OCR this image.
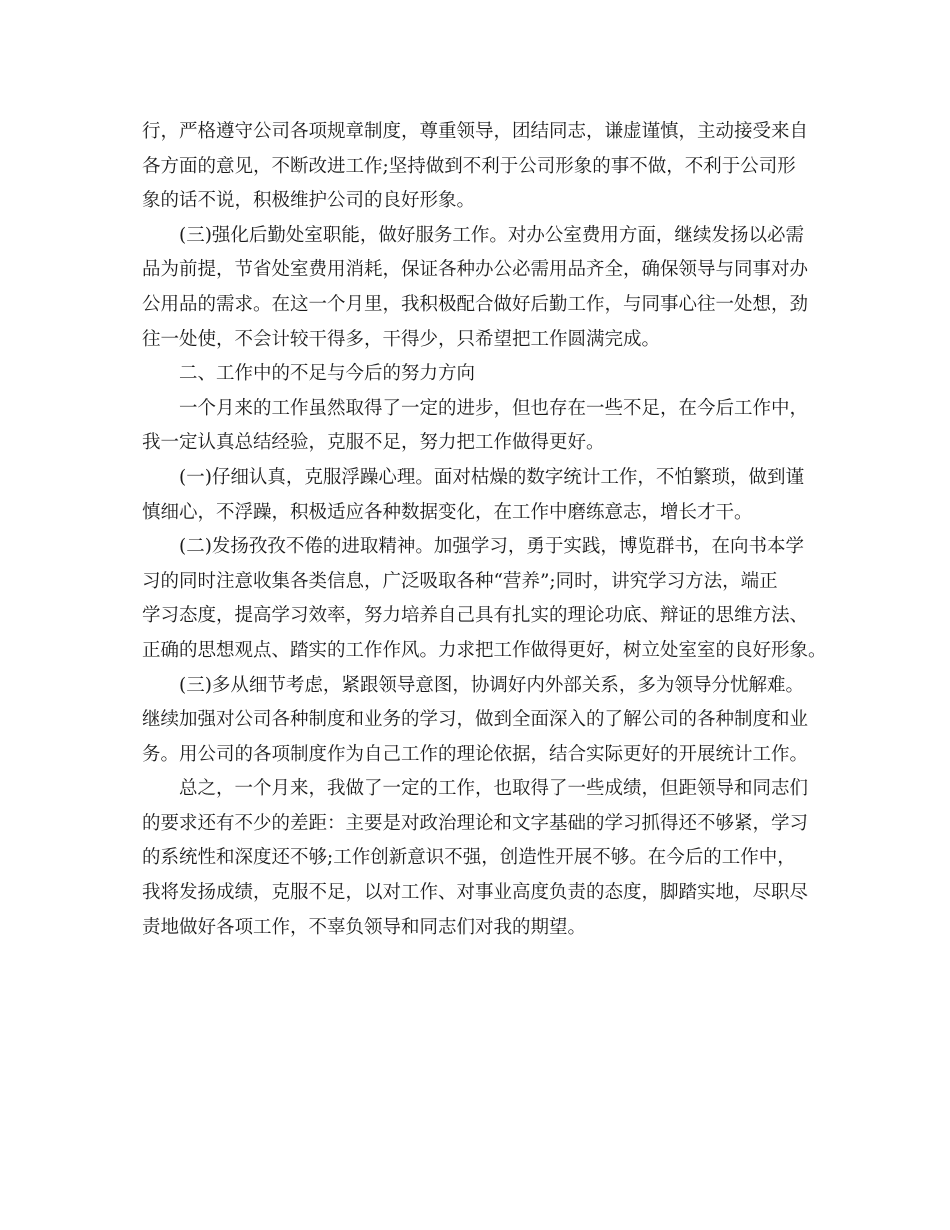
行，严格遵守公司各项规章制度，尊重领导，团结同志，谦虚谨慎，主动接受来自
各方面的意见，不断改进工作;坚持做到不利于公司形象的事不做，不利于公司形
象的话不说，积极维护公司的良好形象。
(三)强化后勤处室职能，做好服务工作。对办公室费用方面，继续发扬以必需
品为前提，节省处室费用消耗，保证各种办公必需用品齐全，确保领导与同事对办
公用品的需求。在这一个月里，我积极配合做好后勤工作，与同事心往一处想，劲
往一处使，不会计较干得多，干得少，只希望把工作圆满完成。
二、工作中的不足与今后的努力方向
一个月来的工作虽然取得了一定的进步，但也存在一些不足，在今后工作中，
我一定认真总结经验，克服不足，努力把工作做得更好。
(一)仔细认真，克服浮躁心理。面对枯燥的数字统计工作，不怕繁琐，做到谨
慎细心，不浮躁，积极适应各种数据变化，在工作中磨练意志，增长才干。
(二)发扬孜孜不倦的进取精神。加强学习，勇于实践，博览群书，在向书本学
习的同时注意收集各类信息，广泛吸取各种“营养”;同时，讲究学习方法，端正
学习态度，提高学习效率，努力培养自己具有扎实的理论功底、辩证的思维方法、
正确的思想观点、踏实的工作作风。力求把工作做得更好，树立处室室的良好形象。
(三)多从细节考虑，紧跟领导意图，协调好内外部关系，多为领导分忧解难。
继续加强对公司各种制度和业务的学习，做到全面深入的了解公司的各种制度和业
务。用公司的各项制度作为自己工作的理论依据，结合实际更好的开展统计工作。
总之，一个月来，我做了一定的工作，也取得了一些成绩，但距领导和同志们
的要求还有不少的差距：主要是对政治理论和文字基础的学习抓得还不够紧，学习
的系统性和深度还不够;工作创新意识不强，创造性开展不够。在今后的工作中，
我将发扬成绩，克服不足，以对工作、对事业高度负责的态度，脚踏实地，尽职尽
责地做好各项工作，不辜负领导和同志们对我的期望。
